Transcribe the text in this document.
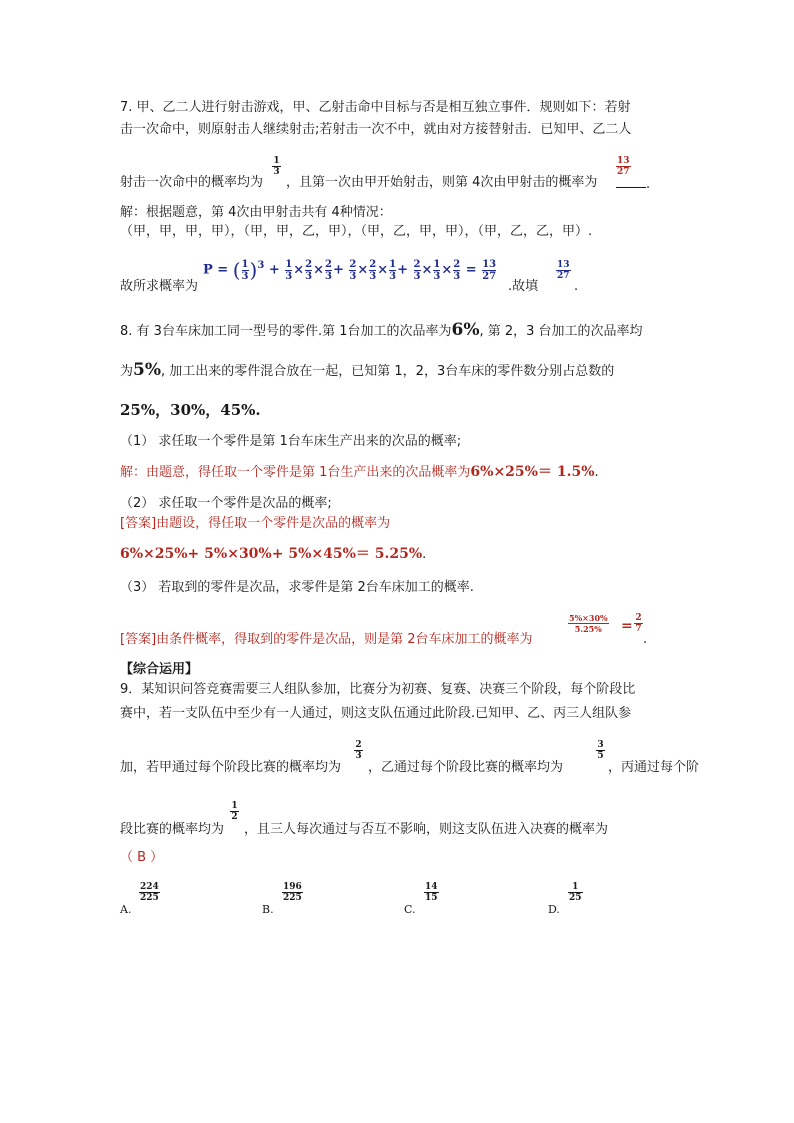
7. 甲、乙二人进行射击游戏，甲、乙射击命中目标与否是相互独立事件．规则如下：若射
击一次命中，则原射击人继续射击;若射击一次不中，就由对方接替射击．已知甲、乙二人
射击一次命中的概率均为
1
3
，且第一次由甲开始射击，则第 4次由甲射击的概率为
13
27
.
解：根据题意，第 4次由甲射击共有 4种情况：
（甲，甲，甲，甲），（甲，甲，乙，甲），（甲，乙，甲，甲），（甲，乙，乙，甲）.
P = ( $\frac{1}{3} )^3 + \frac{1}{3} \times \frac{2}{3} \times \frac{2}{3} + \frac{2}{3} \times \frac{2}{3} \times \frac{1}{3} + \frac{2}{3} \times \frac{1}{3} \times \frac{2}{3} = \frac{13}{27}$
故所求概率为	.故填
13
27
.
8. 有 3台车床加工同一型号的零件.第 1台加工的次品率为6%, 第 2，3 台加工的次品率均
为5%, 加工出来的零件混合放在一起，已知第 1，2，3台车床的零件数分别占总数的
25%，30%，45%.
（1） 求任取一个零件是第 1台车床生产出来的次品的概率;
解：由题意，得任取一个零件是第 1台生产出来的次品概率为6%×25%＝ 1.5%.
（2） 求任取一个零件是次品的概率;
[答案]由题设，得任取一个零件是次品的概率为
6%×25%+ 5%×30%+ 5%×45%＝ 5.25%.
（3） 若取到的零件是次品，求零件是第 2台车床加工的概率.
[答案]由条件概率，得取到的零件是次品，则是第 2台车床加工的概率为
5%×30%
5.25% = 2
7
.
【综合运用】
9．某知识问答竞赛需要三人组队参加，比赛分为初赛、复赛、决赛三个阶段，每个阶段比
赛中，若一支队伍中至少有一人通过，则这支队伍通过此阶段.已知甲、乙、丙三人组队参
加，若甲通过每个阶段比赛的概率均为
2
3
，乙通过每个阶段比赛的概率均为
3
5
，丙通过每个阶
段比赛的概率均为
1
2
，且三人每次通过与否互不影响，则这支队伍进入决赛的概率为
（ B ）
A.
224
225
B.
196
225
C.
14
15
D.
1
25
